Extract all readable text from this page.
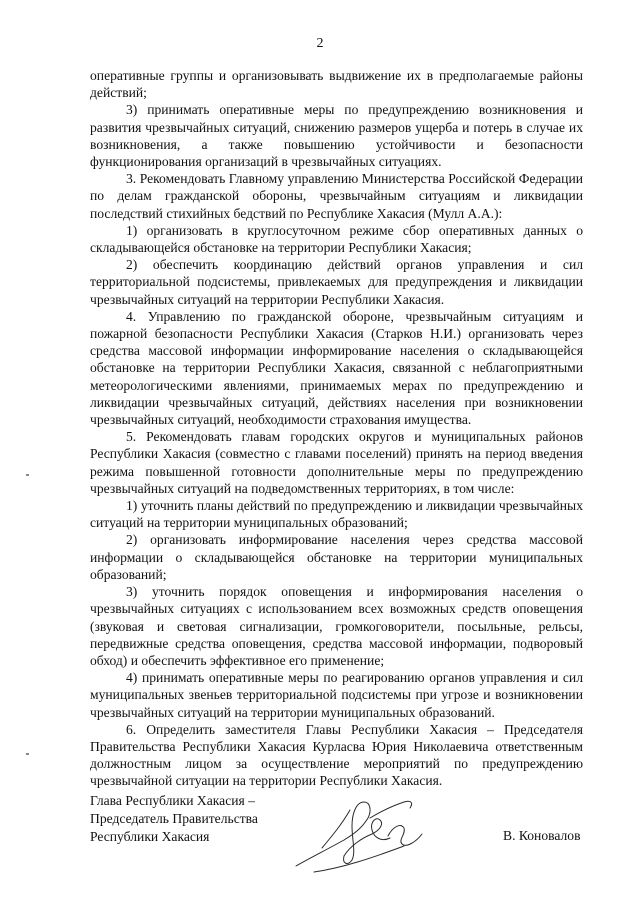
2

оперативные группы и организовывать выдвижение их в предполагаемые районы действий;

3) принимать оперативные меры по предупреждению возникновения и развития чрезвычайных ситуаций, снижению размеров ущерба и потерь в случае их возникновения, а также повышению устойчивости и безопасности функционирования организаций в чрезвычайных ситуациях.

3. Рекомендовать Главному управлению Министерства Российской Федерации по делам гражданской обороны, чрезвычайным ситуациям и ликвидации последствий стихийных бедствий по Республике Хакасия (Мулл А.А.):

1) организовать в круглосуточном режиме сбор оперативных данных о складывающейся обстановке на территории Республики Хакасия;

2) обеспечить координацию действий органов управления и сил территориальной подсистемы, привлекаемых для предупреждения и ликвидации чрезвычайных ситуаций на территории Республики Хакасия.

4. Управлению по гражданской обороне, чрезвычайным ситуациям и пожарной безопасности Республики Хакасия (Старков Н.И.) организовать через средства массовой информации информирование населения о складывающейся обстановке на территории Республики Хакасия, связанной с неблагоприятными метеорологическими явлениями, принимаемых мерах по предупреждению и ликвидации чрезвычайных ситуаций, действиях населения при возникновении чрезвычайных ситуаций, необходимости страхования имущества.

5. Рекомендовать главам городских округов и муниципальных районов Республики Хакасия (совместно с главами поселений) принять на период введения режима повышенной готовности дополнительные меры по предупреждению чрезвычайных ситуаций на подведомственных территориях, в том числе:

1) уточнить планы действий по предупреждению и ликвидации чрезвычайных ситуаций на территории муниципальных образований;

2) организовать информирование населения через средства массовой информации о складывающейся обстановке на территории муниципальных образований;

3) уточнить порядок оповещения и информирования населения о чрезвычайных ситуациях с использованием всех возможных средств оповещения (звуковая и световая сигнализации, громкоговорители, посыльные, рельсы, передвижные средства оповещения, средства массовой информации, подворовый обход) и обеспечить эффективное его применение;

4) принимать оперативные меры по реагированию органов управления и сил муниципальных звеньев территориальной подсистемы при угрозе и возникновении чрезвычайных ситуаций на территории муниципальных образований.

6. Определить заместителя Главы Республики Хакасия – Председателя Правительства Республики Хакасия Курласва Юрия Николаевича ответственным должностным лицом за осуществление мероприятий по предупреждению чрезвычайной ситуации на территории Республики Хакасия.

Глава Республики Хакасия –
Председатель Правительства
Республики Хакасия	В. Коновалов
